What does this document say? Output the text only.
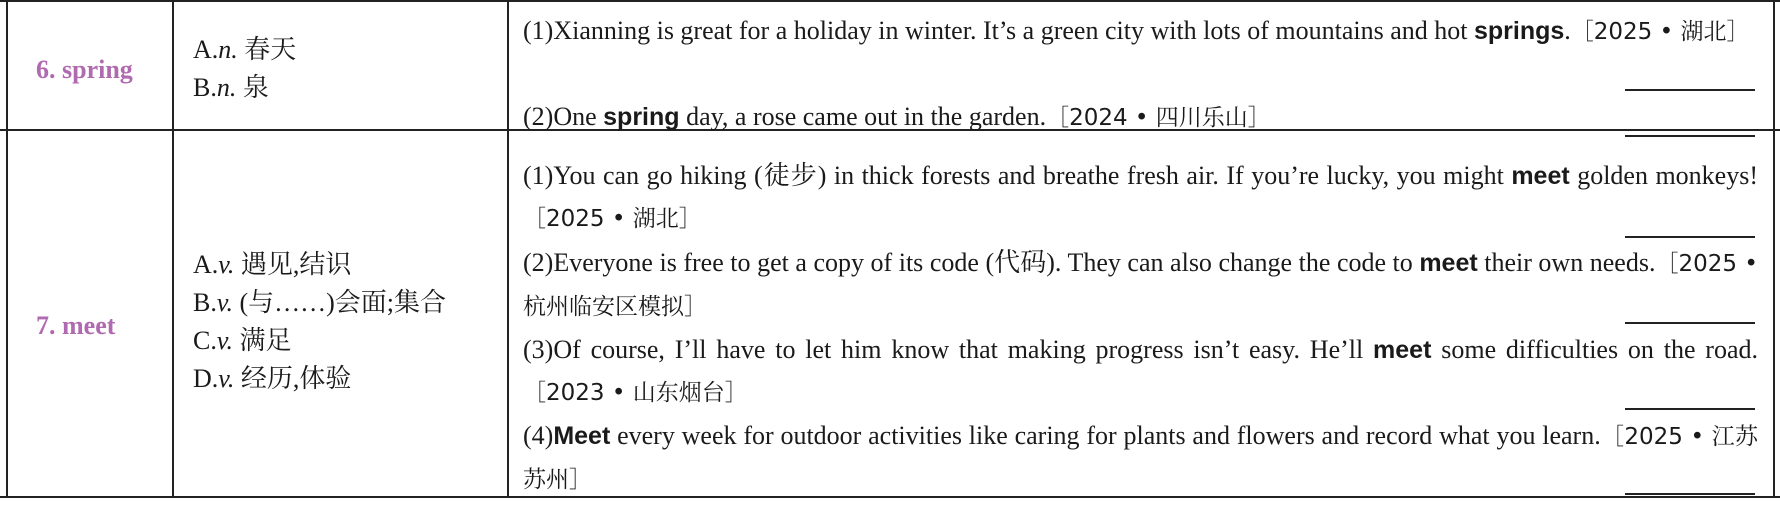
6. spring
A.n. 春天
B.n. 泉
(1)Xianning is great for a holiday in winter. It’s a green city with lots of mountains and hot springs.［2025 • 湖北］
(2)One spring day, a rose came out in the garden.［2024 • 四川乐山］
7. meet
A.v. 遇见,结识
B.v. (与……)会面;集合
C.v. 满足
D.v. 经历,体验
(1)You can go hiking (徒步) in thick forests and breathe fresh air. If you’re lucky, you might meet golden monkeys! ［2025 • 湖北］
(2)Everyone is free to get a copy of its code (代码). They can also change the code to meet their own needs.［2025 • 杭州临安区模拟］
(3)Of course, I’ll have to let him know that making progress isn’t easy. He’ll meet some difficulties on the road.［2023 • 山东烟台］
(4)Meet every week for outdoor activities like caring for plants and flowers and record what you learn.［2025 • 江苏苏州］
